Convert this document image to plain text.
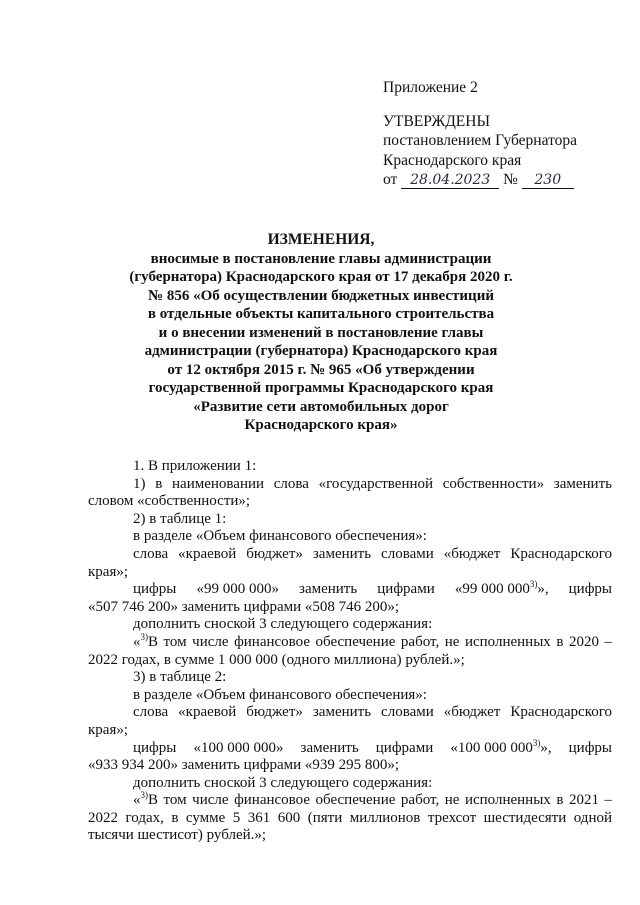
Приложение 2
УТВЕРЖДЕНЫ
постановлением Губернатора
Краснодарского края
от 28.04.2023 № 230
ИЗМЕНЕНИЯ,
вносимые в постановление главы администрации
(губернатора) Краснодарского края от 17 декабря 2020 г.
№ 856 «Об осуществлении бюджетных инвестиций
в отдельные объекты капитального строительства
и о внесении изменений в постановление главы
администрации (губернатора) Краснодарского края
от 12 октября 2015 г. № 965 «Об утверждении
государственной программы Краснодарского края
«Развитие сети автомобильных дорог
Краснодарского края»
1. В приложении 1:
1) в наименовании слова «государственной собственности» заменить словом «собственности»;
2) в таблице 1:
в разделе «Объем финансового обеспечения»:
слова «краевой бюджет» заменить словами «бюджет Краснодарского края»;
цифры «99 000 000» заменить цифрами «99 000 000$^{3)}$», цифры
«507 746 200» заменить цифрами «508 746 200»;
дополнить сноской 3 следующего содержания:
«$^{3)}$В том числе финансовое обеспечение работ, не исполненных в 2020 – 2022 годах, в сумме 1 000 000 (одного миллиона) рублей.»;
3) в таблице 2:
в разделе «Объем финансового обеспечения»:
слова «краевой бюджет» заменить словами «бюджет Краснодарского края»;
цифры «100 000 000» заменить цифрами «100 000 000$^{3)}$», цифры
«933 934 200» заменить цифрами «939 295 800»;
дополнить сноской 3 следующего содержания:
«$^{3)}$В том числе финансовое обеспечение работ, не исполненных в 2021 – 2022 годах, в сумме 5 361 600 (пяти миллионов трехсот шестидесяти одной тысячи шестисот) рублей.»;
